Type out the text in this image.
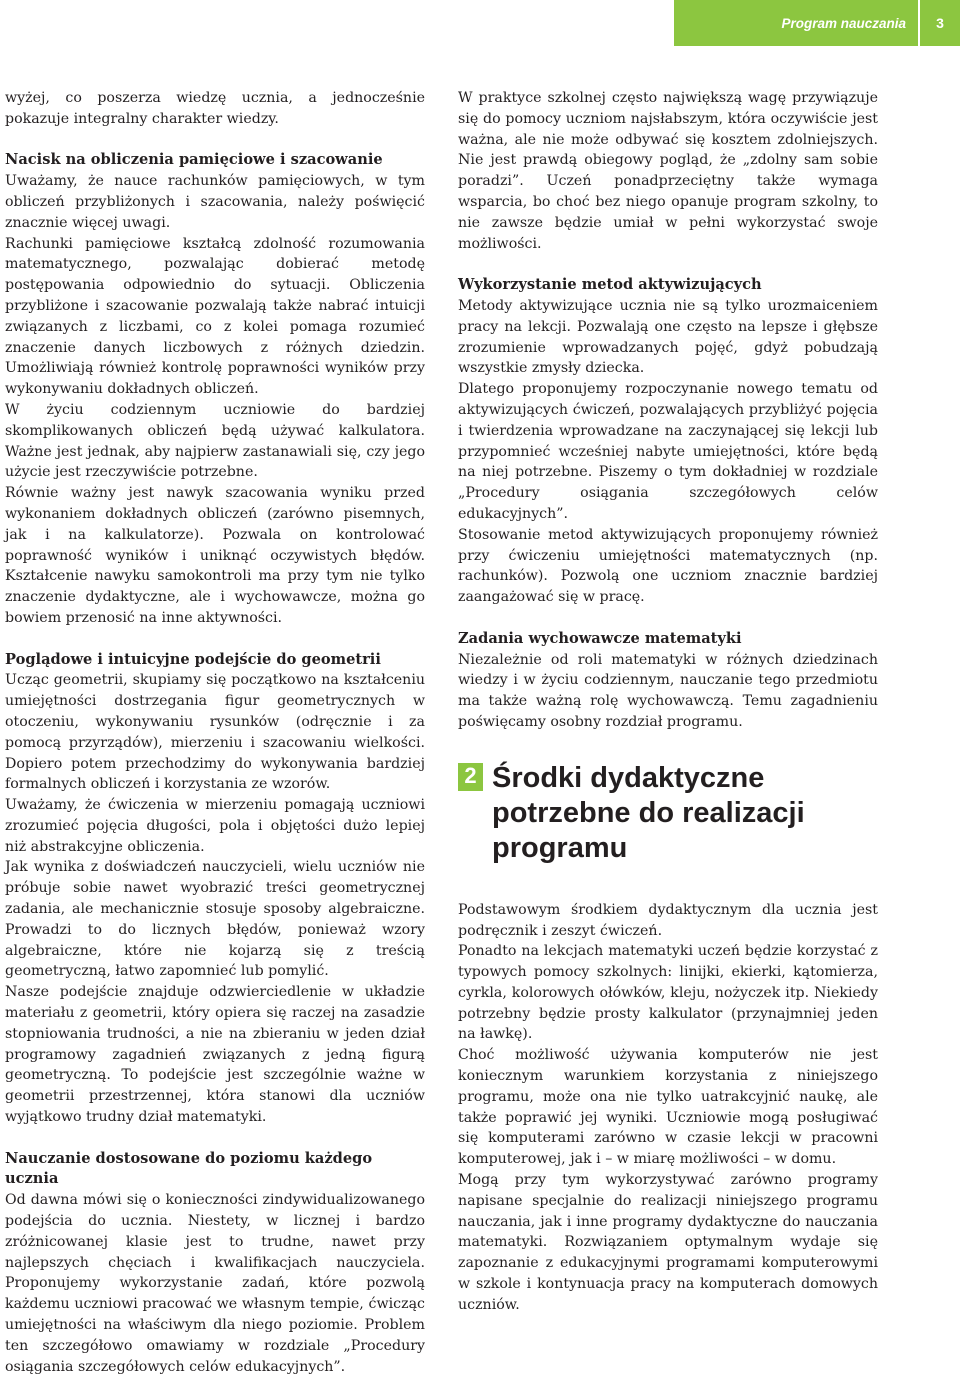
Program nauczania	3

wyżej, co poszerza wiedzę ucznia, a jednocześnie pokazuje integralny charakter wiedzy.

Nacisk na obliczenia pamięciowe i szacowanie

Uważamy, że nauce rachunków pamięciowych, w tym obliczeń przybliżonych i szacowania, należy poświęcić znacznie więcej uwagi.

Rachunki pamięciowe kształcą zdolność rozumowania matematycznego, pozwalając dobierać metodę postępowania odpowiednio do sytuacji. Obliczenia przybliżone i szacowanie pozwalają także nabrać intuicji związanych z liczbami, co z kolei pomaga rozumieć znaczenie danych liczbowych z różnych dziedzin. Umożliwiają również kontrolę poprawności wyników przy wykonywaniu dokładnych obliczeń.

W życiu codziennym uczniowie do bardziej skomplikowanych obliczeń będą używać kalkulatora. Ważne jest jednak, aby najpierw zastanawiali się, czy jego użycie jest rzeczywiście potrzebne.

Równie ważny jest nawyk szacowania wyniku przed wykonaniem dokładnych obliczeń (zarówno pisemnych, jak i na kalkulatorze). Pozwala on kontrolować poprawność wyników i uniknąć oczywistych błędów. Kształcenie nawyku samokontroli ma przy tym nie tylko znaczenie dydaktyczne, ale i wychowawcze, można go bowiem przenosić na inne aktywności.

Poglądowe i intuicyjne podejście do geometrii

Ucząc geometrii, skupiamy się początkowo na kształceniu umiejętności dostrzegania figur geometrycznych w otoczeniu, wykonywaniu rysunków (odręcznie i za pomocą przyrządów), mierzeniu i szacowaniu wielkości. Dopiero potem przechodzimy do wykonywania bardziej formalnych obliczeń i korzystania ze wzorów.

Uważamy, że ćwiczenia w mierzeniu pomagają uczniowi zrozumieć pojęcia długości, pola i objętości dużo lepiej niż abstrakcyjne obliczenia.

Jak wynika z doświadczeń nauczycieli, wielu uczniów nie próbuje sobie nawet wyobrazić treści geometrycznej zadania, ale mechanicznie stosuje sposoby algebraiczne. Prowadzi to do licznych błędów, ponieważ wzory algebraiczne, które nie kojarzą się z treścią geometryczną, łatwo zapomnieć lub pomylić.

Nasze podejście znajduje odzwierciedlenie w układzie materiału z geometrii, który opiera się raczej na zasadzie stopniowania trudności, a nie na zbieraniu w jeden dział programowy zagadnień związanych z jedną figurą geometryczną. To podejście jest szczególnie ważne w geometrii przestrzennej, która stanowi dla uczniów wyjątkowo trudny dział matematyki.

Nauczanie dostosowane do poziomu każdego ucznia

Od dawna mówi się o konieczności zindywidualizowanego podejścia do ucznia. Niestety, w licznej i bardzo zróżnicowanej klasie jest to trudne, nawet przy najlepszych chęciach i kwalifikacjach nauczyciela. Proponujemy wykorzystanie zadań, które pozwolą każdemu uczniowi pracować we własnym tempie, ćwicząc umiejętności na właściwym dla niego poziomie. Problem ten szczegółowo omawiamy w rozdziale „Procedury osiągania szczegółowych celów edukacyjnych”.

W praktyce szkolnej często największą wagę przywiązuje się do pomocy uczniom najsłabszym, która oczywiście jest ważna, ale nie może odbywać się kosztem zdolniejszych. Nie jest prawdą obiegowy pogląd, że „zdolny sam sobie poradzi”. Uczeń ponadprzeciętny także wymaga wsparcia, bo choć bez niego opanuje program szkolny, to nie zawsze będzie umiał w pełni wykorzystać swoje możliwości.

Wykorzystanie metod aktywizujących

Metody aktywizujące ucznia nie są tylko urozmaiceniem pracy na lekcji. Pozwalają one często na lepsze i głębsze zrozumienie wprowadzanych pojęć, gdyż pobudzają wszystkie zmysły dziecka.

Dlatego proponujemy rozpoczynanie nowego tematu od aktywizujących ćwiczeń, pozwalających przybliżyć pojęcia i twierdzenia wprowadzane na zaczynającej się lekcji lub przypomnieć wcześniej nabyte umiejętności, które będą na niej potrzebne. Piszemy o tym dokładniej w rozdziale „Procedury osiągania szczegółowych celów edukacyjnych”.

Stosowanie metod aktywizujących proponujemy również przy ćwiczeniu umiejętności matematycznych (np. rachunków). Pozwolą one uczniom znacznie bardziej zaangażować się w pracę.

Zadania wychowawcze matematyki

Niezależnie od roli matematyki w różnych dziedzinach wiedzy i w życiu codziennym, nauczanie tego przedmiotu ma także ważną rolę wychowawczą. Temu zagadnieniu poświęcamy osobny rozdział programu.

2 Środki dydaktyczne potrzebne do realizacji programu

Podstawowym środkiem dydaktycznym dla ucznia jest podręcznik i zeszyt ćwiczeń.

Ponadto na lekcjach matematyki uczeń będzie korzystać z typowych pomocy szkolnych: linijki, ekierki, kątomierza, cyrkla, kolorowych ołówków, kleju, nożyczek itp. Niekiedy potrzebny będzie prosty kalkulator (przynajmniej jeden na ławkę).

Choć możliwość używania komputerów nie jest koniecznym warunkiem korzystania z niniejszego programu, może ona nie tylko uatrakcyjnić naukę, ale także poprawić jej wyniki. Uczniowie mogą posługiwać się komputerami zarówno w czasie lekcji w pracowni komputerowej, jak i – w miarę możliwości – w domu.

Mogą przy tym wykorzystywać zarówno programy napisane specjalnie do realizacji niniejszego programu nauczania, jak i inne programy dydaktyczne do nauczania matematyki. Rozwiązaniem optymalnym wydaje się zapoznanie z edukacyjnymi programami komputerowymi w szkole i kontynuacja pracy na komputerach domowych uczniów.
